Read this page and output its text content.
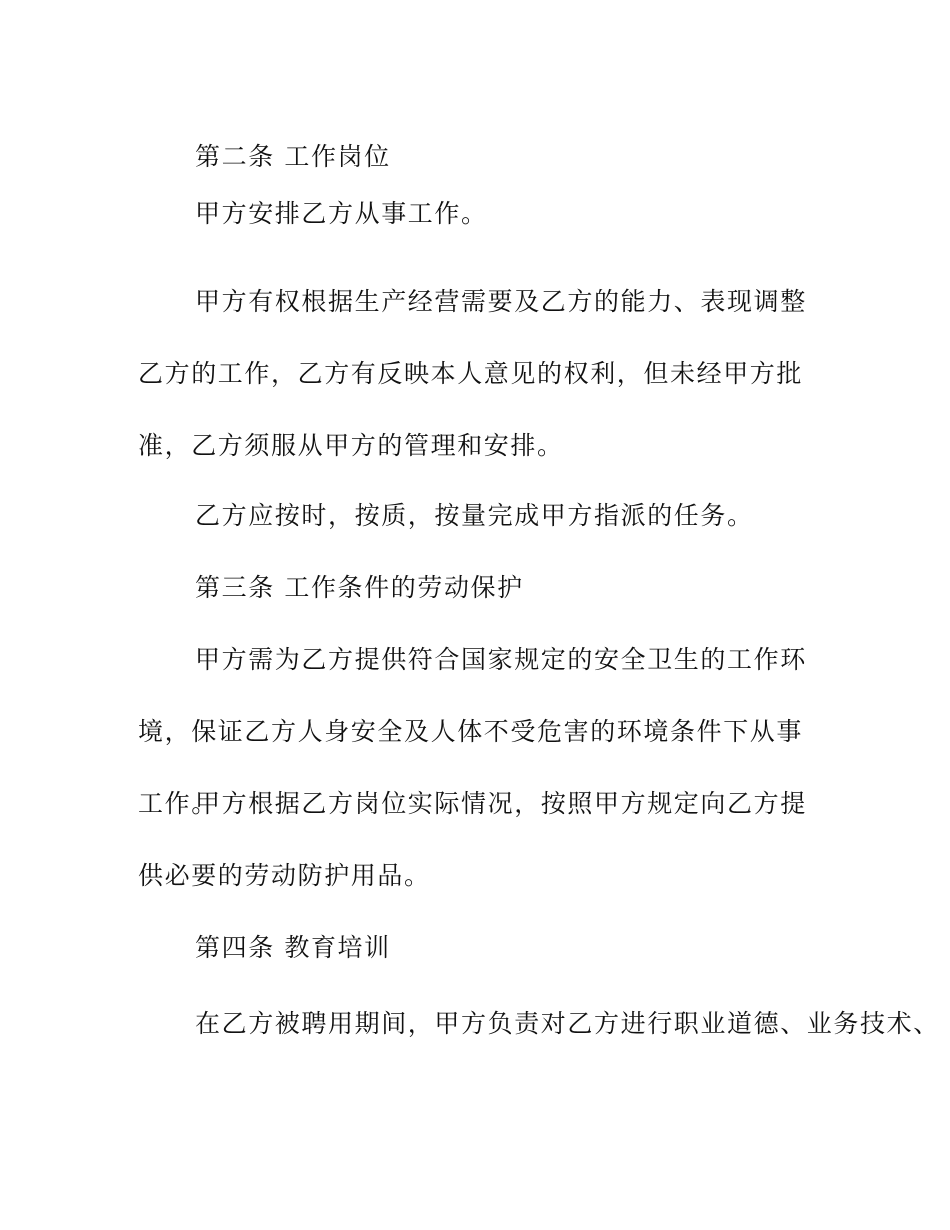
第二条 工作岗位

甲方安排乙方从事工作。

甲方有权根据生产经营需要及乙方的能力、表现调整乙方的工作，乙方有反映本人意见的权利，但未经甲方批准，乙方须服从甲方的管理和安排。

乙方应按时，按质，按量完成甲方指派的任务。

第三条 工作条件的劳动保护

甲方需为乙方提供符合国家规定的安全卫生的工作环境，保证乙方人身安全及人体不受危害的环境条件下从事工作。

甲方根据乙方岗位实际情况，按照甲方规定向乙方提供必要的劳动防护用品。

第四条 教育培训

在乙方被聘用期间，甲方负责对乙方进行职业道德、业务技术、
